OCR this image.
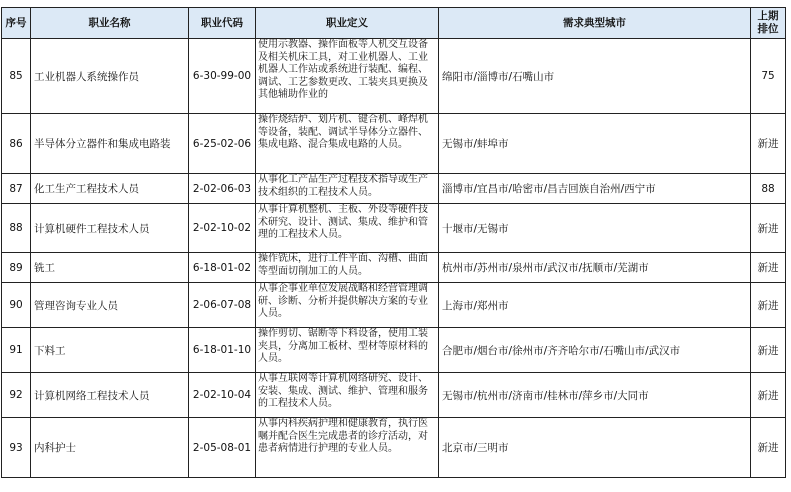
序号	职业名称	职业代码	职业定义	需求典型城市	上期排位
85	工业机器人系统操作员	6-30-99-00	使用示教器、操作面板等人机交互设备及相关机床工具，对工业机器人、工业机器人工作站或系统进行装配、编程、调试、工艺参数更改、工装夹具更换及其他辅助作业的	绵阳市/淄博市/石嘴山市	75
86	半导体分立器件和集成电路装	6-25-02-06	操作烧结炉、划片机、键合机、峰焊机等设备，装配、调试半导体分立器件、集成电路、混合集成电路的人员。	无锡市/蚌埠市	新进
87	化工生产工程技术人员	2-02-06-03	从事化工产品生产过程技术指导或生产技术组织的工程技术人员。	淄博市/宜昌市/哈密市/昌吉回族自治州/西宁市	88
88	计算机硬件工程技术人员	2-02-10-02	从事计算机整机、主板、外设等硬件技术研究、设计、测试、集成、维护和管理的工程技术人员。	十堰市/无锡市	新进
89	铣工	6-18-01-02	操作铣床，进行工件平面、沟槽、曲面等型面切削加工的人员。	杭州市/苏州市/泉州市/武汉市/抚顺市/芜湖市	新进
90	管理咨询专业人员	2-06-07-08	从事企事业单位发展战略和经营管理调研、诊断、分析并提供解决方案的专业人员。	上海市/郑州市	新进
91	下料工	6-18-01-10	操作剪切、锯断等下料设备，使用工装夹具，分离加工板材、型材等原材料的人员。	合肥市/烟台市/徐州市/齐齐哈尔市/石嘴山市/武汉市	新进
92	计算机网络工程技术人员	2-02-10-04	从事互联网等计算机网络研究、设计、安装、集成、测试、维护、管理和服务的工程技术人员。	无锡市/杭州市/济南市/桂林市/萍乡市/大同市	新进
93	内科护士	2-05-08-01	从事内科疾病护理和健康教育，执行医嘱并配合医生完成患者的诊疗活动，对患者病情进行护理的专业人员。	北京市/三明市	新进
